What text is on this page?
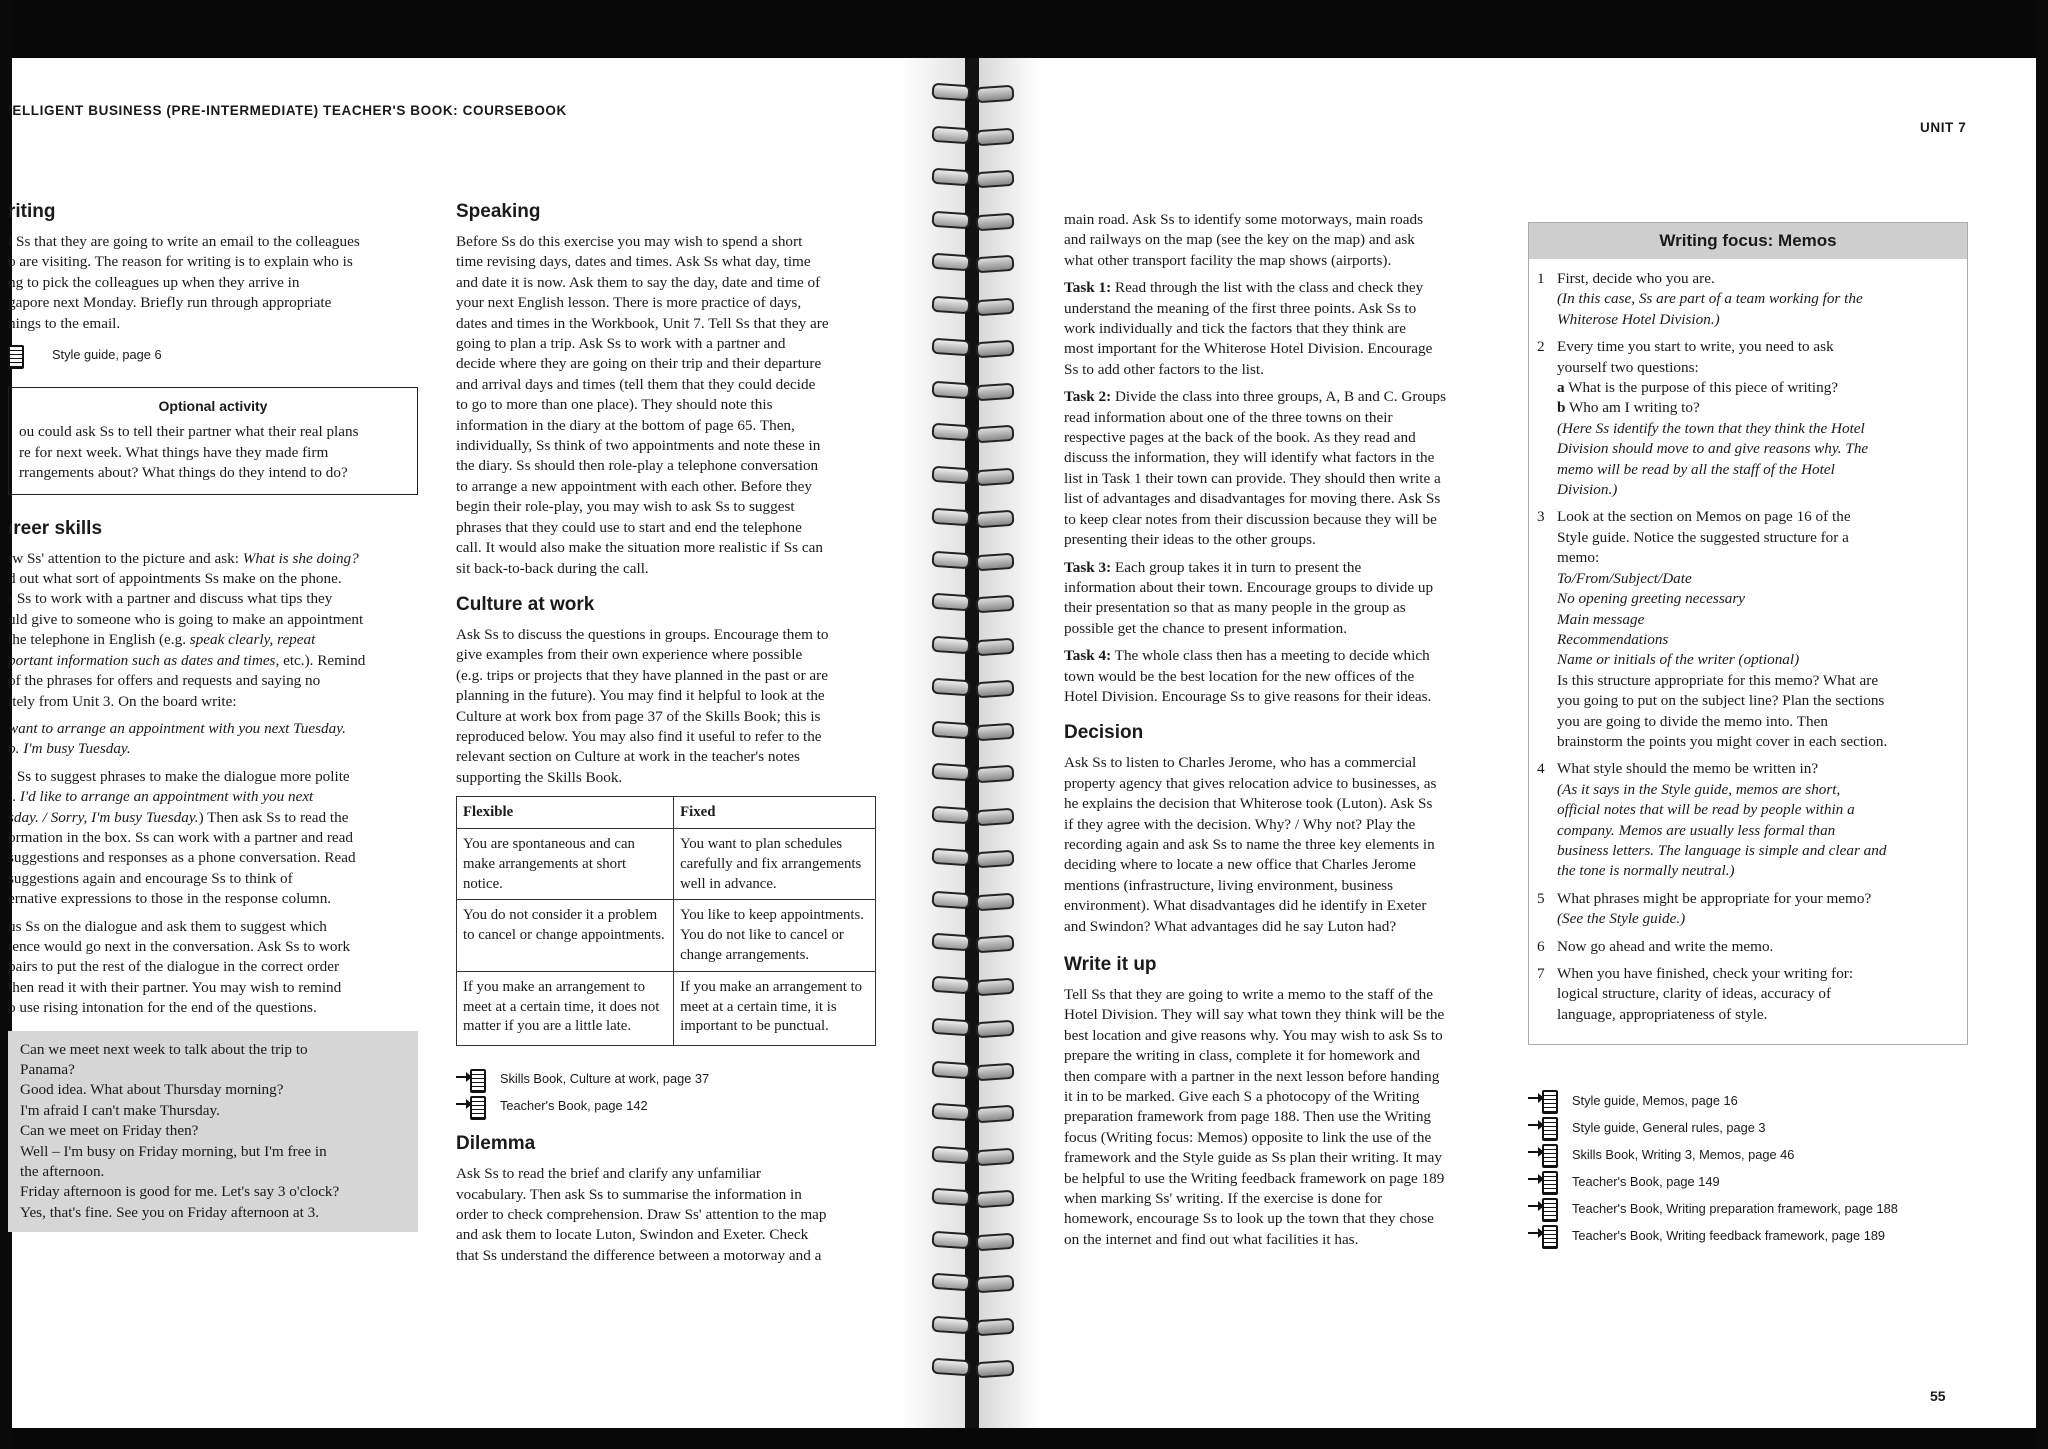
ʼELLIGENT BUSINESS (PRE-INTERMEDIATE) TEACHER'S BOOK: COURSEBOOK
UNIT 7
55
riting

l Ss that they are going to write an email to the colleagues
o are visiting. The reason for writing is to explain who is
ng to pick the colleagues up when they arrive in
gapore next Monday. Briefly run through appropriate
nings to the email.

Style guide, page 6
Optional activity
ou could ask Ss to tell their partner what their real plans
re for next week. What things have they made firm
rrangements about? What things do they intend to do?

ıreer skills

ıw Ss' attention to the picture and ask: What is she doing?
d out what sort of appointments Ss make on the phone.
‹ Ss to work with a partner and discuss what tips they
uld give to someone who is going to make an appointment
the telephone in English (e.g. speak clearly, repeat
portant information such as dates and times, etc.). Remind
of the phrases for offers and requests and saying no
itely from Unit 3. On the board write:

want to arrange an appointment with you next Tuesday.
o. I'm busy Tuesday.

‹ Ss to suggest phrases to make the dialogue more polite
;. I'd like to arrange an appointment with you next
sday. / Sorry, I'm busy Tuesday.) Then ask Ss to read the
ormation in the box. Ss can work with a partner and read
suggestions and responses as a phone conversation. Read
suggestions again and encourage Ss to think of
ernative expressions to those in the response column.

us Ss on the dialogue and ask them to suggest which
tence would go next in the conversation. Ask Ss to work
pairs to put the rest of the dialogue in the correct order
then read it with their partner. You may wish to remind
o use rising intonation for the end of the questions.

Can we meet next week to talk about the trip to
Panama?
Good idea. What about Thursday morning?
I'm afraid I can't make Thursday.
Can we meet on Friday then?
Well – I'm busy on Friday morning, but I'm free in
the afternoon.
Friday afternoon is good for me. Let's say 3 o'clock?
Yes, that's fine. See you on Friday afternoon at 3.

Speaking

Before Ss do this exercise you may wish to spend a short
time revising days, dates and times. Ask Ss what day, time
and date it is now. Ask them to say the day, date and time of
your next English lesson. There is more practice of days,
dates and times in the Workbook, Unit 7. Tell Ss that they are
going to plan a trip. Ask Ss to work with a partner and
decide where they are going on their trip and their departure
and arrival days and times (tell them that they could decide
to go to more than one place). They should note this
information in the diary at the bottom of page 65. Then,
individually, Ss think of two appointments and note these in
the diary. Ss should then role-play a telephone conversation
to arrange a new appointment with each other. Before they
begin their role-play, you may wish to ask Ss to suggest
phrases that they could use to start and end the telephone
call. It would also make the situation more realistic if Ss can
sit back-to-back during the call.

Culture at work

Ask Ss to discuss the questions in groups. Encourage them to
give examples from their own experience where possible
(e.g. trips or projects that they have planned in the past or are
planning in the future). You may find it helpful to look at the
Culture at work box from page 37 of the Skills Book; this is
reproduced below. You may also find it useful to refer to the
relevant section on Culture at work in the teacher's notes
supporting the Skills Book.

Flexible	Fixed
You are spontaneous and can make arrangements at short notice.	You want to plan schedules carefully and fix arrangements well in advance.
You do not consider it a problem to cancel or change appointments.	You like to keep appointments. You do not like to cancel or change arrangements.
If you make an arrangement to meet at a certain time, it does not matter if you are a little late.	If you make an arrangement to meet at a certain time, it is important to be punctual.
Skills Book, Culture at work, page 37
Teacher's Book, page 142
Dilemma

Ask Ss to read the brief and clarify any unfamiliar
vocabulary. Then ask Ss to summarise the information in
order to check comprehension. Draw Ss' attention to the map
and ask them to locate Luton, Swindon and Exeter. Check
that Ss understand the difference between a motorway and a

main road. Ask Ss to identify some motorways, main roads
and railways on the map (see the key on the map) and ask
what other transport facility the map shows (airports).

Task 1: Read through the list with the class and check they
understand the meaning of the first three points. Ask Ss to
work individually and tick the factors that they think are
most important for the Whiterose Hotel Division. Encourage
Ss to add other factors to the list.

Task 2: Divide the class into three groups, A, B and C. Groups
read information about one of the three towns on their
respective pages at the back of the book. As they read and
discuss the information, they will identify what factors in the
list in Task 1 their town can provide. They should then write a
list of advantages and disadvantages for moving there. Ask Ss
to keep clear notes from their discussion because they will be
presenting their ideas to the other groups.

Task 3: Each group takes it in turn to present the
information about their town. Encourage groups to divide up
their presentation so that as many people in the group as
possible get the chance to present information.

Task 4: The whole class then has a meeting to decide which
town would be the best location for the new offices of the
Hotel Division. Encourage Ss to give reasons for their ideas.

Decision

Ask Ss to listen to Charles Jerome, who has a commercial
property agency that gives relocation advice to businesses, as
he explains the decision that Whiterose took (Luton). Ask Ss
if they agree with the decision. Why? / Why not? Play the
recording again and ask Ss to name the three key elements in
deciding where to locate a new office that Charles Jerome
mentions (infrastructure, living environment, business
environment). What disadvantages did he identify in Exeter
and Swindon? What advantages did he say Luton had?

Write it up

Tell Ss that they are going to write a memo to the staff of the
Hotel Division. They will say what town they think will be the
best location and give reasons why. You may wish to ask Ss to
prepare the writing in class, complete it for homework and
then compare with a partner in the next lesson before handing
it in to be marked. Give each S a photocopy of the Writing
preparation framework from page 188. Then use the Writing
focus (Writing focus: Memos) opposite to link the use of the
framework and the Style guide as Ss plan their writing. It may
be helpful to use the Writing feedback framework on page 189
when marking Ss' writing. If the exercise is done for
homework, encourage Ss to look up the town that they chose
on the internet and find out what facilities it has.

Writing focus: Memos
1 First, decide who you are.
(In this case, Ss are part of a team working for the
Whiterose Hotel Division.)
2 Every time you start to write, you need to ask
yourself two questions:
a What is the purpose of this piece of writing?
b Who am I writing to?
(Here Ss identify the town that they think the Hotel
Division should move to and give reasons why. The
memo will be read by all the staff of the Hotel
Division.)
3 Look at the section on Memos on page 16 of the
Style guide. Notice the suggested structure for a
memo:
To/From/Subject/Date
No opening greeting necessary
Main message
Recommendations
Name or initials of the writer (optional)
Is this structure appropriate for this memo? What are
you going to put on the subject line? Plan the sections
you are going to divide the memo into. Then
brainstorm the points you might cover in each section.
4 What style should the memo be written in?
(As it says in the Style guide, memos are short,
official notes that will be read by people within a
company. Memos are usually less formal than
business letters. The language is simple and clear and
the tone is normally neutral.)
5 What phrases might be appropriate for your memo?
(See the Style guide.)
6 Now go ahead and write the memo.
7 When you have finished, check your writing for:
logical structure, clarity of ideas, accuracy of
language, appropriateness of style.
Style guide, Memos, page 16
Style guide, General rules, page 3
Skills Book, Writing 3, Memos, page 46
Teacher's Book, page 149
Teacher's Book, Writing preparation framework, page 188
Teacher's Book, Writing feedback framework, page 189
